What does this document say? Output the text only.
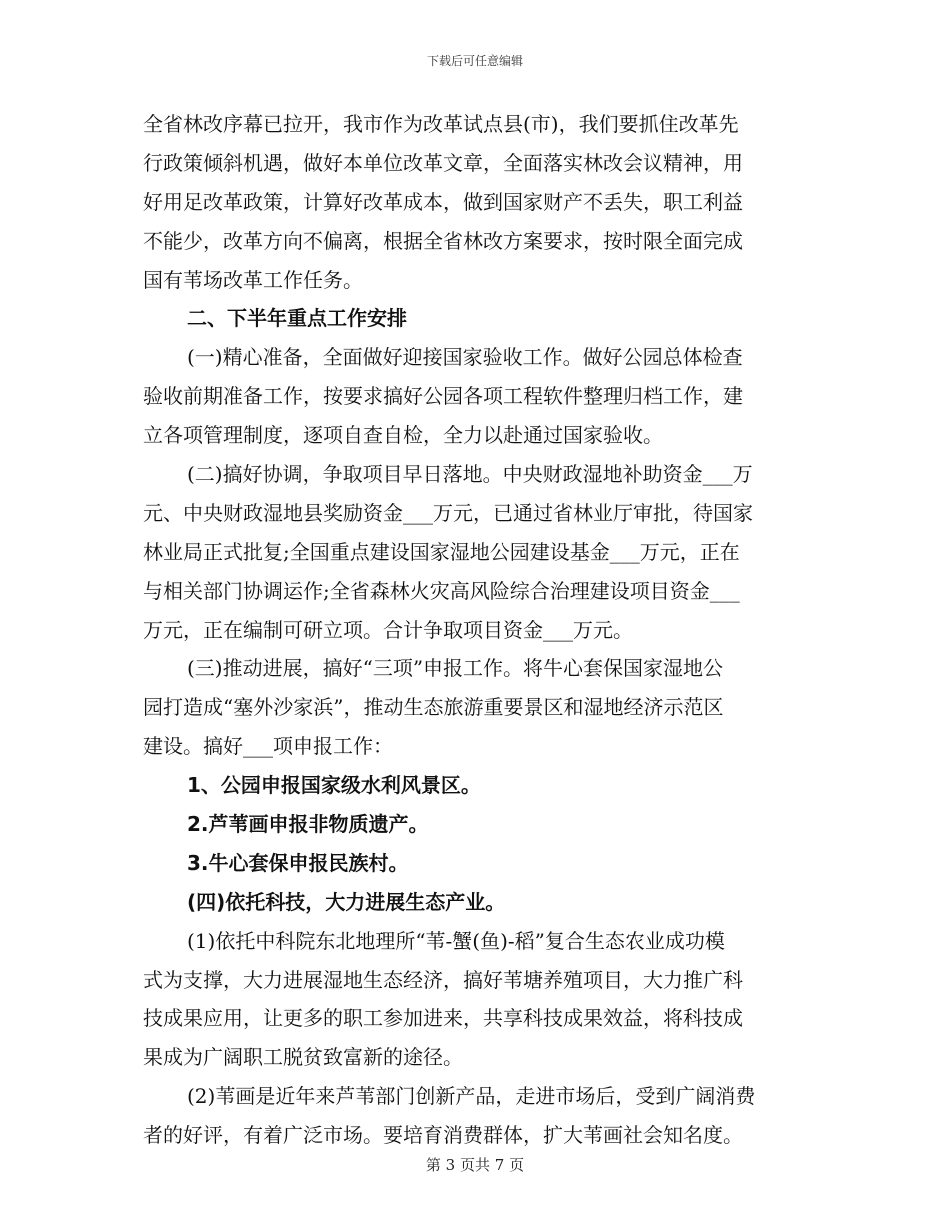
下载后可任意编辑
全省林改序幕已拉开，我市作为改革试点县(市)，我们要抓住改革先
行政策倾斜机遇，做好本单位改革文章，全面落实林改会议精神，用
好用足改革政策，计算好改革成本，做到国家财产不丢失，职工利益
不能少，改革方向不偏离，根据全省林改方案要求，按时限全面完成
国有苇场改革工作任务。
二、下半年重点工作安排
(一)精心准备，全面做好迎接国家验收工作。做好公园总体检查
验收前期准备工作，按要求搞好公园各项工程软件整理归档工作，建
立各项管理制度，逐项自查自检，全力以赴通过国家验收。
(二)搞好协调，争取项目早日落地。中央财政湿地补助资金___万
元、中央财政湿地县奖励资金___万元，已通过省林业厅审批，待国家
林业局正式批复;全国重点建设国家湿地公园建设基金___万元，正在
与相关部门协调运作;全省森林火灾高风险综合治理建设项目资金___
万元，正在编制可研立项。合计争取项目资金___万元。
(三)推动进展，搞好“三项”申报工作。将牛心套保国家湿地公
园打造成“塞外沙家浜”，推动生态旅游重要景区和湿地经济示范区
建设。搞好___项申报工作：
1、公园申报国家级水利风景区。
2.芦苇画申报非物质遗产。
3.牛心套保申报民族村。
(四)依托科技，大力进展生态产业。
(1)依托中科院东北地理所“苇-蟹(鱼)-稻”复合生态农业成功模
式为支撑，大力进展湿地生态经济，搞好苇塘养殖项目，大力推广科
技成果应用，让更多的职工参加进来，共享科技成果效益，将科技成
果成为广阔职工脱贫致富新的途径。
(2)苇画是近年来芦苇部门创新产品，走进市场后，受到广阔消费
者的好评，有着广泛市场。要培育消费群体，扩大苇画社会知名度。
第 3 页共 7 页
